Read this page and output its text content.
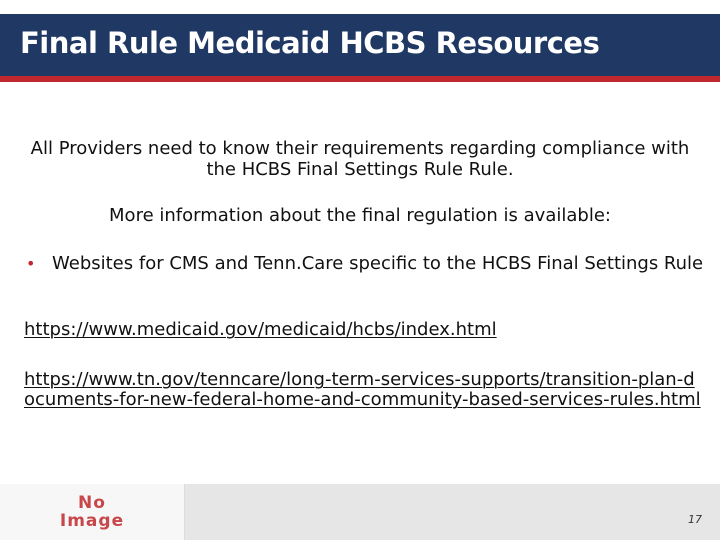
Final Rule Medicaid HCBS Resources
All Providers need to know their requirements regarding compliance with the HCBS Final Settings Rule Rule.
More information about the final regulation is available:
• Websites for CMS and Tenn.Care specific to the HCBS Final Settings Rule
https://www.medicaid.gov/medicaid/hcbs/index.html
https://www.tn.gov/tenncare/long-term-services-supports/transition-plan-documents-for-new-federal-home-and-community-based-services-rules.html
No
Image	17
